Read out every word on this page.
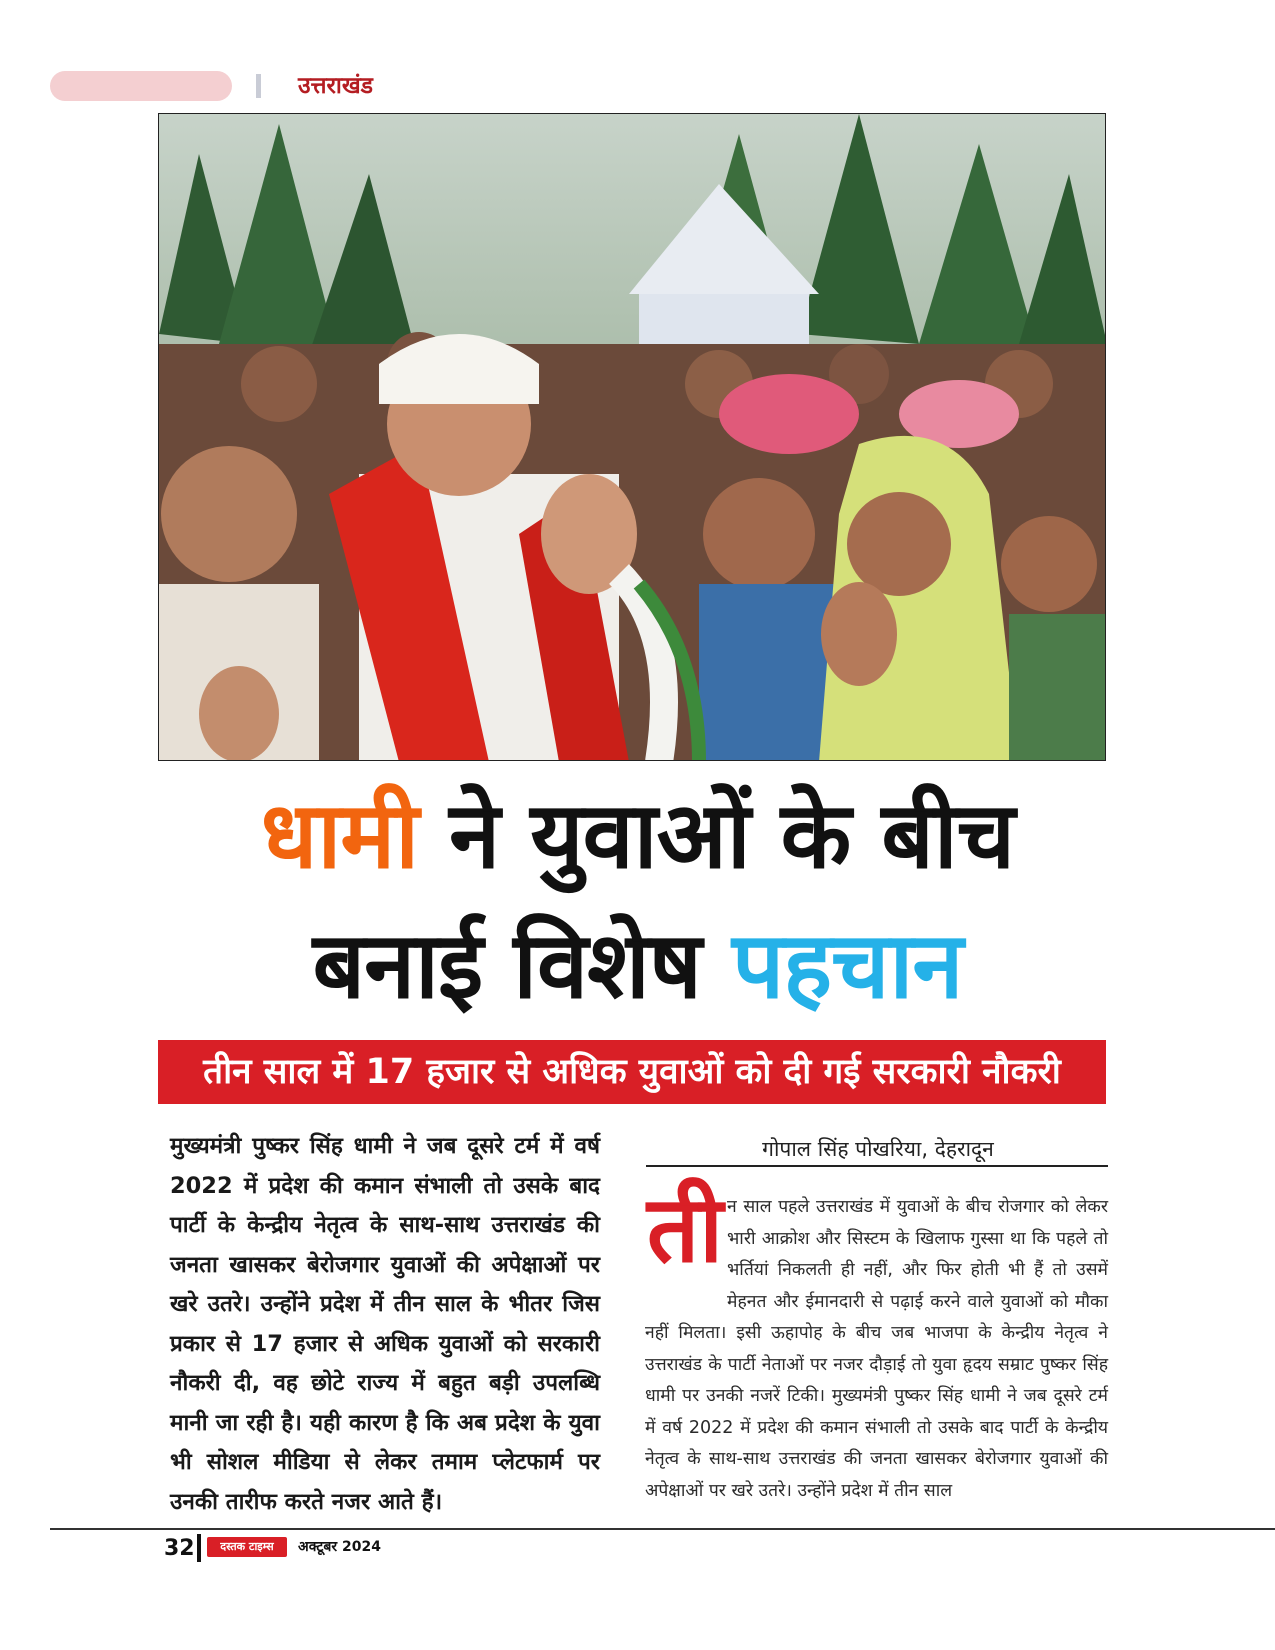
उत्तराखंड
धामी ने युवाओं के बीच
बनाई विशेष पहचान
तीन साल में 17 हजार से अधिक युवाओं को दी गई सरकारी नौकरी
मुख्यमंत्री पुष्कर सिंह धामी ने जब दूसरे टर्म में वर्ष 2022 में प्रदेश की कमान संभाली तो उसके बाद पार्टी के केन्द्रीय नेतृत्व के साथ-साथ उत्तराखंड की जनता खासकर बेरोजगार युवाओं की अपेक्षाओं पर खरे उतरे। उन्होंने प्रदेश में तीन साल के भीतर जिस प्रकार से 17 हजार से अधिक युवाओं को सरकारी नौकरी दी, वह छोटे राज्य में बहुत बड़ी उपलब्धि मानी जा रही है। यही कारण है कि अब प्रदेश के युवा भी सोशल मीडिया से लेकर तमाम प्लेटफार्म पर उनकी तारीफ करते नजर आते हैं।
गोपाल सिंह पोखरिया, देहरादून
ती न साल पहले उत्तराखंड में युवाओं के बीच रोजगार को लेकर भारी आक्रोश और सिस्टम के खिलाफ गुस्सा था कि पहले तो भर्तियां निकलती ही नहीं, और फिर होती भी हैं तो उसमें मेहनत और ईमानदारी से पढ़ाई करने वाले युवाओं को मौका नहीं मिलता। इसी ऊहापोह के बीच जब भाजपा के केन्द्रीय नेतृत्व ने उत्तराखंड के पार्टी नेताओं पर नजर दौड़ाई तो युवा हृदय सम्राट पुष्कर सिंह धामी पर उनकी नजरें टिकी। मुख्यमंत्री पुष्कर सिंह धामी ने जब दूसरे टर्म में वर्ष 2022 में प्रदेश की कमान संभाली तो उसके बाद पार्टी के केन्द्रीय नेतृत्व के साथ-साथ उत्तराखंड की जनता खासकर बेरोजगार युवाओं की अपेक्षाओं पर खरे उतरे। उन्होंने प्रदेश में तीन साल
32	दस्तक टाइम्स	अक्टूबर 2024
